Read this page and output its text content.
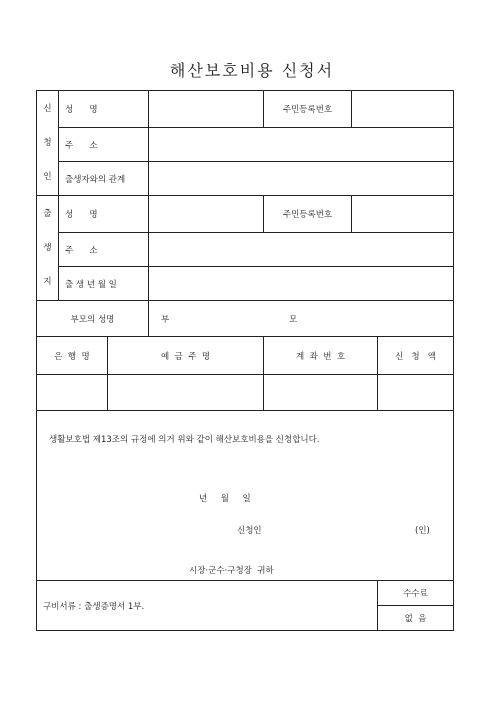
해산보호비용 신청서
신
청
인	성      명			주민등록번호		
	주      소					
	출생자와의 관계					

출
생
지	성      명			주민등록번호		
	주      소					
	출 생 년 월 일					
부모의 성명			부 모			

은  행  명		예  금  주  명		계  좌  번  호		신   청   액

생활보호법 제13조의 규정에 의거 위와 같이 해산보호비용을 신청합니다.
년     월     일
신청인 (인)
시장·군수·구청장  귀하						

구비서류 : 출생증명서 1부.						수수료
						없  음
